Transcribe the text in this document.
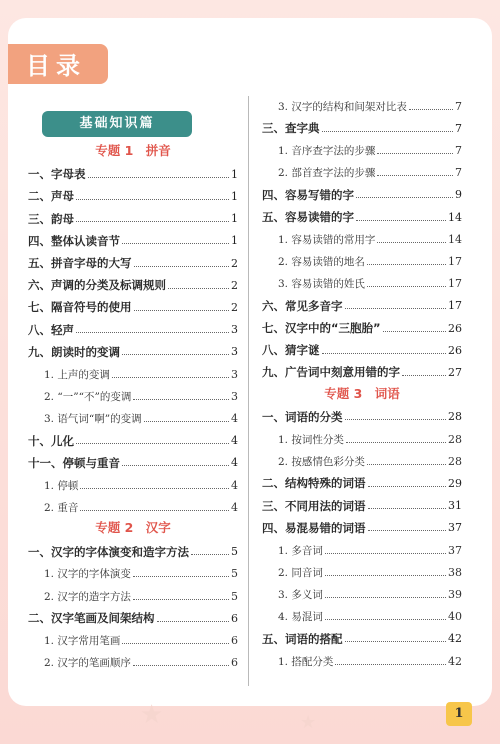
★	★
目录
基础知识篇
专题 1　拼音
一、字母表	1
二、声母	1
三、韵母	1
四、整体认读音节	1
五、拼音字母的大写	2
六、声调的分类及标调规则	2
七、隔音符号的使用	2
八、轻声	3
九、朗读时的变调	3
1. 上声的变调	3
2. “一”“不”的变调	3
3. 语气词“啊”的变调	4
十、儿化	4
十一、停顿与重音	4
1. 停顿	4
2. 重音	4
专题 2　汉字
一、汉字的字体演变和造字方法	5
1. 汉字的字体演变	5
2. 汉字的造字方法	5
二、汉字笔画及间架结构	6
1. 汉字常用笔画	6
2. 汉字的笔画顺序	6
3. 汉字的结构和间架对比表	7
三、查字典	7
1. 音序查字法的步骤	7
2. 部首查字法的步骤	7
四、容易写错的字	9
五、容易读错的字	14
1. 容易读错的常用字	14
2. 容易读错的地名	17
3. 容易读错的姓氏	17
六、常见多音字	17
七、汉字中的“三胞胎”	26
八、猜字谜	26
九、广告词中刻意用错的字	27
专题 3　词语
一、词语的分类	28
1. 按词性分类	28
2. 按感情色彩分类	28
二、结构特殊的词语	29
三、不同用法的词语	31
四、易混易错的词语	37
1. 多音词	37
2. 同音词	38
3. 多义词	39
4. 易混词	40
五、词语的搭配	42
1. 搭配分类	42
1
